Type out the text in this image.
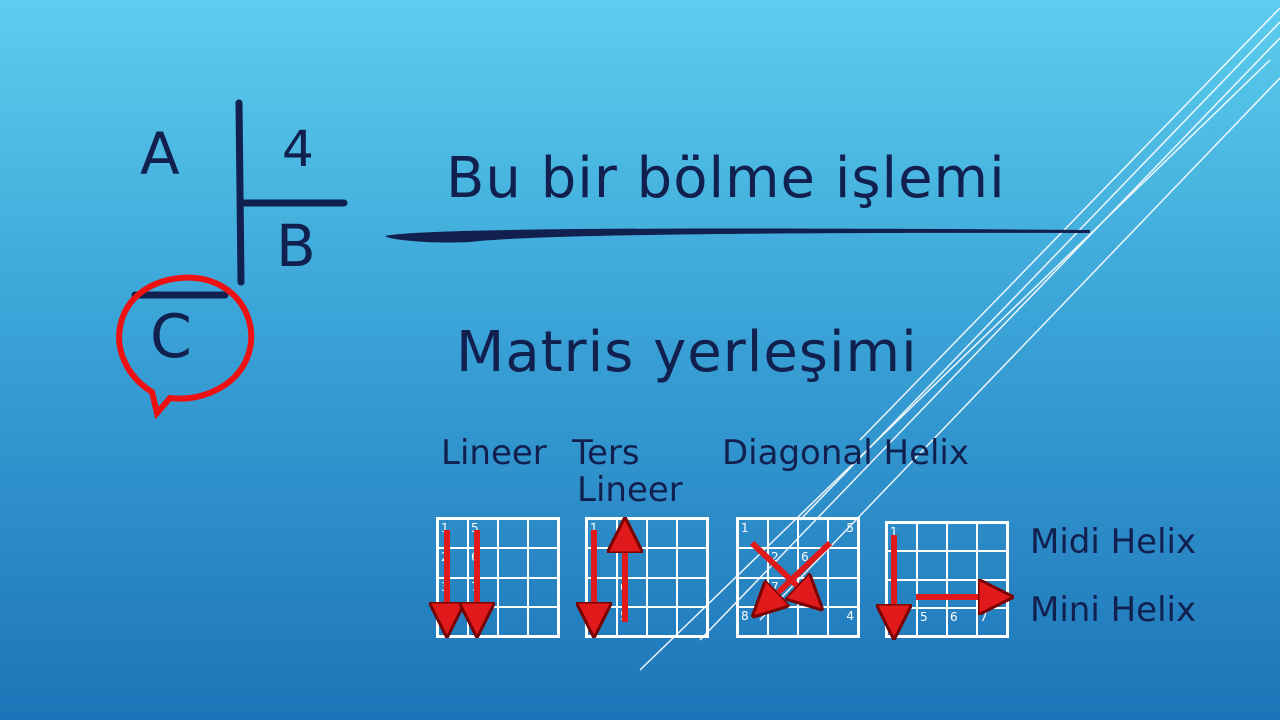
A 4
B
C
Bu bir bölme işlemi
Matris yerleşimi
Lineer Ters
Lineer
Diagonal Helix
Midi Helix
Mini Helix
1 5
2 6
3 7
4 8
1 8
2 7
3 6
4 5
1	5
2 6
7 3
8	4
1
2
3
4 5 6 7
